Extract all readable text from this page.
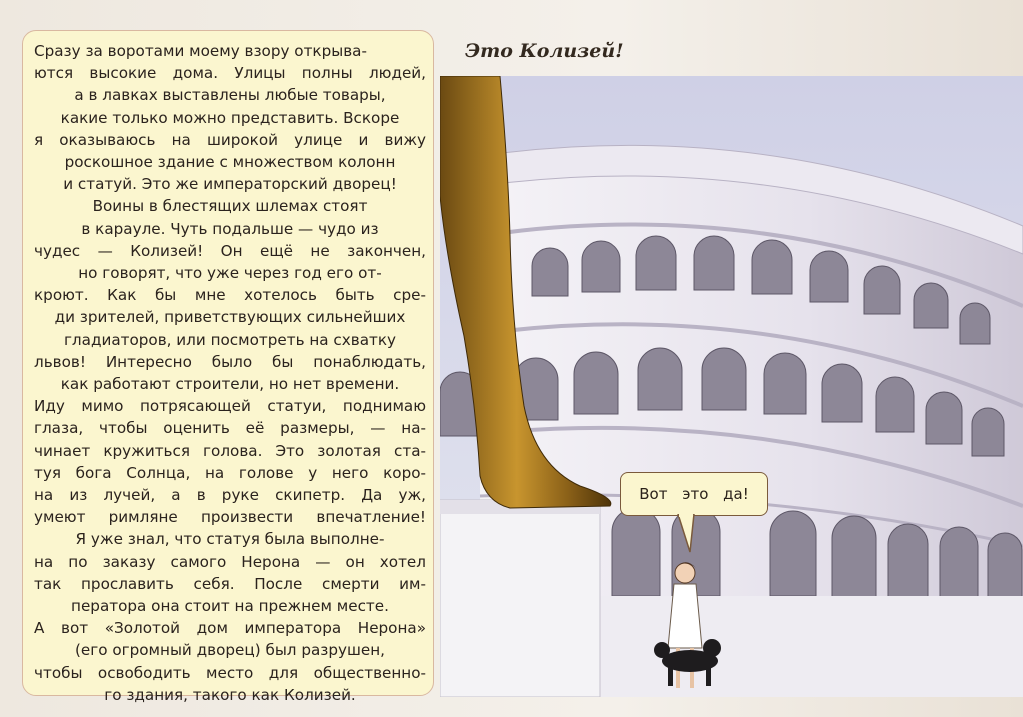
Сразу за воротами моему взору открыва-
ются высокие дома. Улицы полны людей,
а в лавках выставлены любые товары,
какие только можно представить. Вскоре
я оказываюсь на широкой улице и вижу
роскошное здание с множеством колонн
и статуй. Это же императорский дворец!
Воины в блестящих шлемах стоят
в карауле. Чуть подальше — чудо из
чудес — Колизей! Он ещё не закончен,
но говорят, что уже через год его от-
кроют. Как бы мне хотелось быть сре-
ди зрителей, приветствующих сильнейших
гладиаторов, или посмотреть на схватку
львов! Интересно было бы понаблюдать,
как работают строители, но нет времени.
Иду мимо потрясающей статуи, поднимаю
глаза, чтобы оценить её размеры, — на-
чинает кружиться голова. Это золотая ста-
туя бога Солнца, на голове у него коро-
на из лучей, а в руке скипетр. Да уж,
умеют римляне произвести впечатление!
Я уже знал, что статуя была выполне-
на по заказу самого Нерона — он хотел
так прославить себя. После смерти им-
ператора она стоит на прежнем месте.
А вот «Золотой дом императора Нерона»
(его огромный дворец) был разрушен,
чтобы освободить место для общественно-
го здания, такого как Колизей.

Это Колизей!
Вот это да!
